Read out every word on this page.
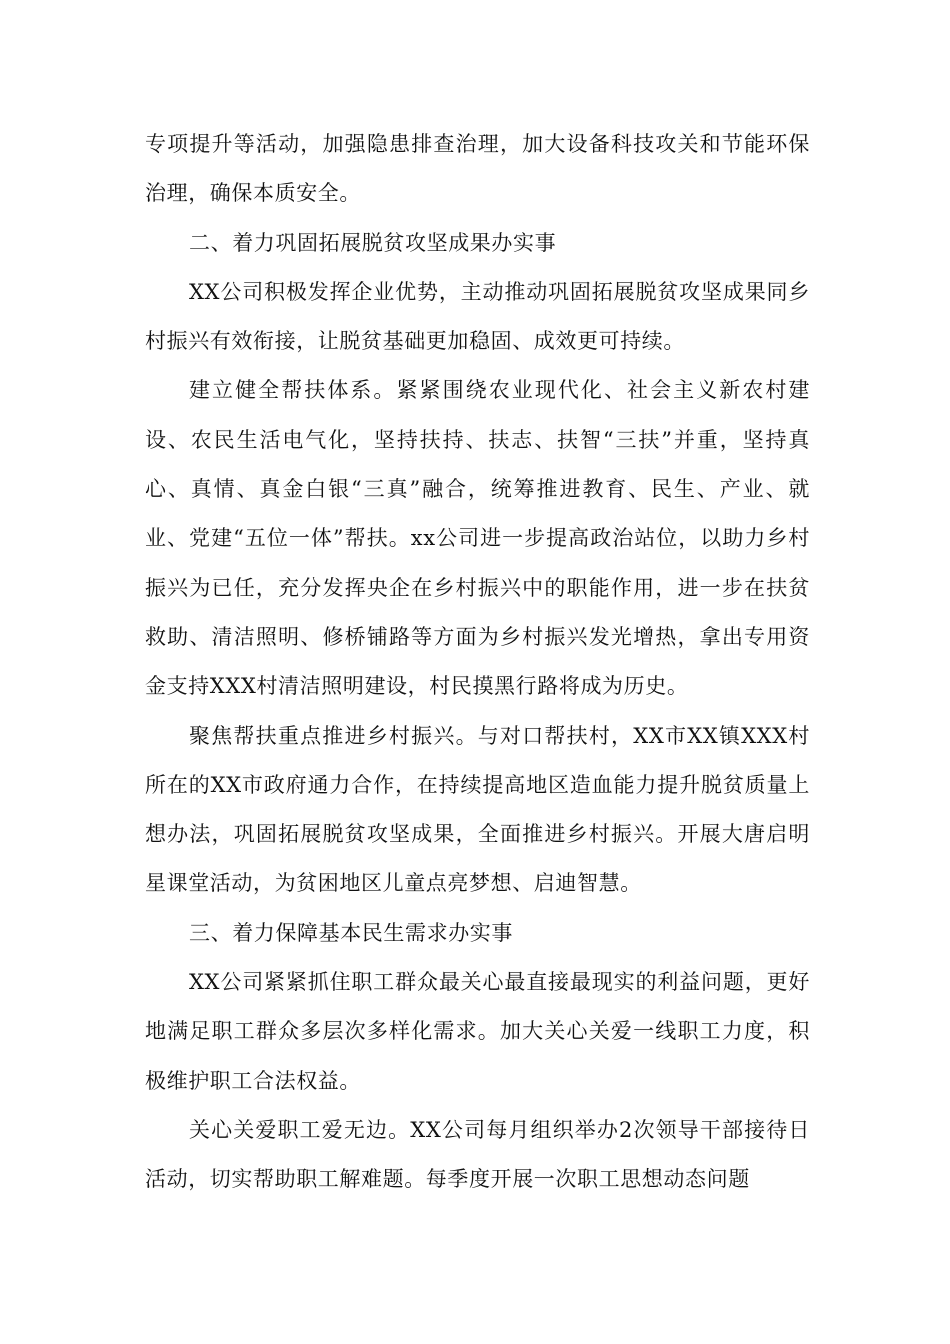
专项提升等活动，加强隐患排查治理，加大设备科技攻关和节能环保治理，确保本质安全。

二、着力巩固拓展脱贫攻坚成果办实事

XX公司积极发挥企业优势，主动推动巩固拓展脱贫攻坚成果同乡村振兴有效衔接，让脱贫基础更加稳固、成效更可持续。

建立健全帮扶体系。紧紧围绕农业现代化、社会主义新农村建设、农民生活电气化，坚持扶持、扶志、扶智“三扶”并重，坚持真心、真情、真金白银“三真”融合，统筹推进教育、民生、产业、就业、党建“五位一体”帮扶。xx公司进一步提高政治站位，以助力乡村振兴为已任，充分发挥央企在乡村振兴中的职能作用，进一步在扶贫救助、清洁照明、修桥铺路等方面为乡村振兴发光增热，拿出专用资金支持XXX村清洁照明建设，村民摸黑行路将成为历史。

聚焦帮扶重点推进乡村振兴。与对口帮扶村，XX市XX镇XXX村所在的XX市政府通力合作，在持续提高地区造血能力提升脱贫质量上想办法，巩固拓展脱贫攻坚成果，全面推进乡村振兴。开展大唐启明星课堂活动，为贫困地区儿童点亮梦想、启迪智慧。

三、着力保障基本民生需求办实事

XX公司紧紧抓住职工群众最关心最直接最现实的利益问题，更好地满足职工群众多层次多样化需求。加大关心关爱一线职工力度，积极维护职工合法权益。

关心关爱职工爱无边。XX公司每月组织举办2次领导干部接待日活动，切实帮助职工解难题。每季度开展一次职工思想动态问题
